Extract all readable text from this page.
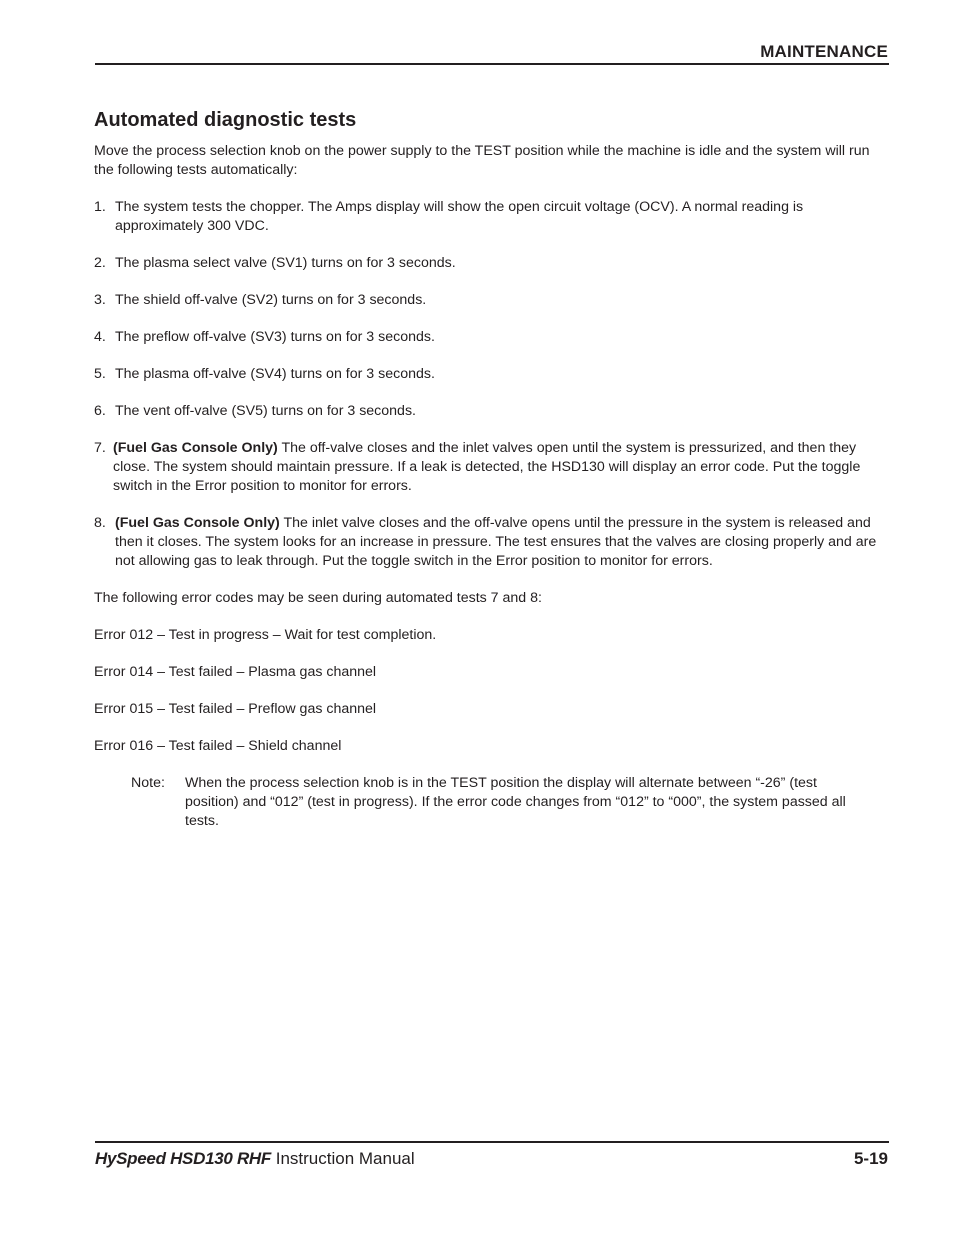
MAINTENANCE
Automated diagnostic tests

Move the process selection knob on the power supply to the TEST position while the machine is idle and the system will run the following tests automatically:

1. The system tests the chopper. The Amps display will show the open circuit voltage (OCV). A normal reading is approximately 300 VDC.
2. The plasma select valve (SV1) turns on for 3 seconds.
3. The shield off-valve (SV2) turns on for 3 seconds.
4. The preflow off-valve (SV3) turns on for 3 seconds.
5. The plasma off-valve (SV4) turns on for 3 seconds.
6. The vent off-valve (SV5) turns on for 3 seconds.
7. (Fuel Gas Console Only) The off-valve closes and the inlet valves open until the system is pressurized, and then they close. The system should maintain pressure. If a leak is detected, the HSD130 will display an error code. Put the toggle switch in the Error position to monitor for errors.
8. (Fuel Gas Console Only) The inlet valve closes and the off-valve opens until the pressure in the system is released and then it closes. The system looks for an increase in pressure. The test ensures that the valves are closing properly and are not allowing gas to leak through. Put the toggle switch in the Error position to monitor for errors.

The following error codes may be seen during automated tests 7 and 8:

Error 012 – Test in progress – Wait for test completion.

Error 014 – Test failed – Plasma gas channel

Error 015 – Test failed – Preflow gas channel

Error 016 – Test failed – Shield channel

Note:	When the process selection knob is in the TEST position the display will alternate between “-26” (test position) and “012” (test in progress). If the error code changes from “012” to “000”, the system passed all tests.
HySpeed HSD130 RHF Instruction Manual	5-19
